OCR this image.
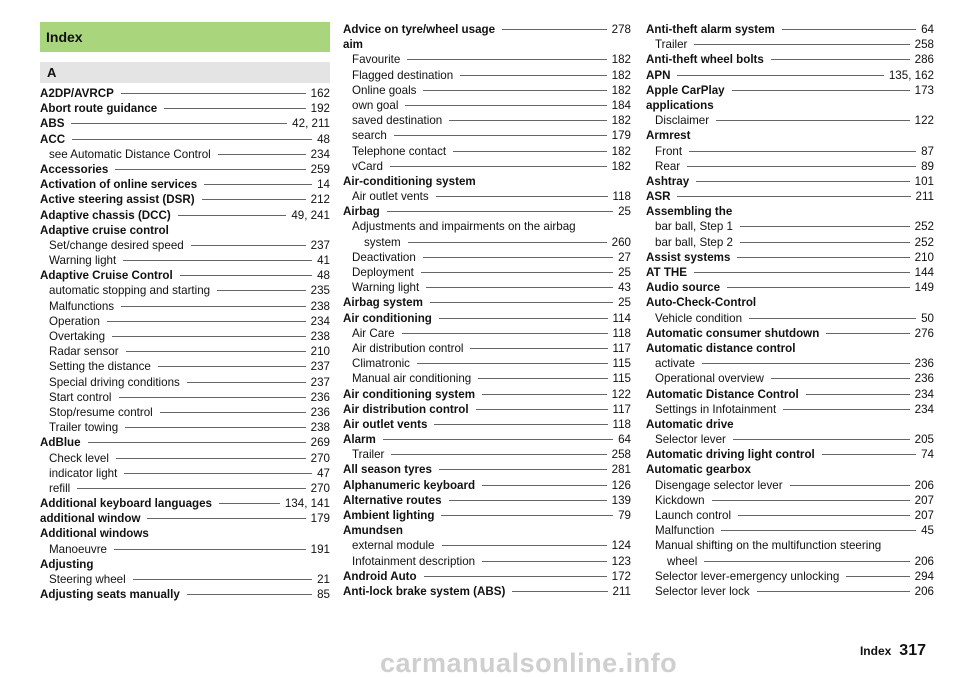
Index
A
A2DP/AVRCP	162
Abort route guidance	192
ABS	42, 211
ACC	48
see Automatic Distance Control	234
Accessories	259
Activation of online services	14
Active steering assist (DSR)	212
Adaptive chassis (DCC)	49, 241
Adaptive cruise control
Set/change desired speed	237
Warning light	41
Adaptive Cruise Control	48
automatic stopping and starting	235
Malfunctions	238
Operation	234
Overtaking	238
Radar sensor	210
Setting the distance	237
Special driving conditions	237
Start control	236
Stop/resume control	236
Trailer towing	238
AdBlue	269
Check level	270
indicator light	47
refill	270
Additional keyboard languages	134, 141
additional window	179
Additional windows
Manoeuvre	191
Adjusting
Steering wheel	21
Adjusting seats manually	85
Advice on tyre/wheel usage	278
aim
Favourite	182
Flagged destination	182
Online goals	182
own goal	184
saved destination	182
search	179
Telephone contact	182
vCard	182
Air-conditioning system
Air outlet vents	118
Airbag	25
Adjustments and impairments on the airbag
system	260
Deactivation	27
Deployment	25
Warning light	43
Airbag system	25
Air conditioning	114
Air Care	118
Air distribution control	117
Climatronic	115
Manual air conditioning	115
Air conditioning system	122
Air distribution control	117
Air outlet vents	118
Alarm	64
Trailer	258
All season tyres	281
Alphanumeric keyboard	126
Alternative routes	139
Ambient lighting	79
Amundsen
external module	124
Infotainment description	123
Android Auto	172
Anti-lock brake system (ABS)	211
Anti-theft alarm system	64
Trailer	258
Anti-theft wheel bolts	286
APN	135, 162
Apple CarPlay	173
applications
Disclaimer	122
Armrest
Front	87
Rear	89
Ashtray	101
ASR	211
Assembling the
bar ball, Step 1	252
bar ball, Step 2	252
Assist systems	210
AT THE	144
Audio source	149
Auto-Check-Control
Vehicle condition	50
Automatic consumer shutdown	276
Automatic distance control
activate	236
Operational overview	236
Automatic Distance Control	234
Settings in Infotainment	234
Automatic drive
Selector lever	205
Automatic driving light control	74
Automatic gearbox
Disengage selector lever	206
Kickdown	207
Launch control	207
Malfunction	45
Manual shifting on the multifunction steering
wheel	206
Selector lever-emergency unlocking	294
Selector lever lock	206
Index 317
carmanualsonline.info
